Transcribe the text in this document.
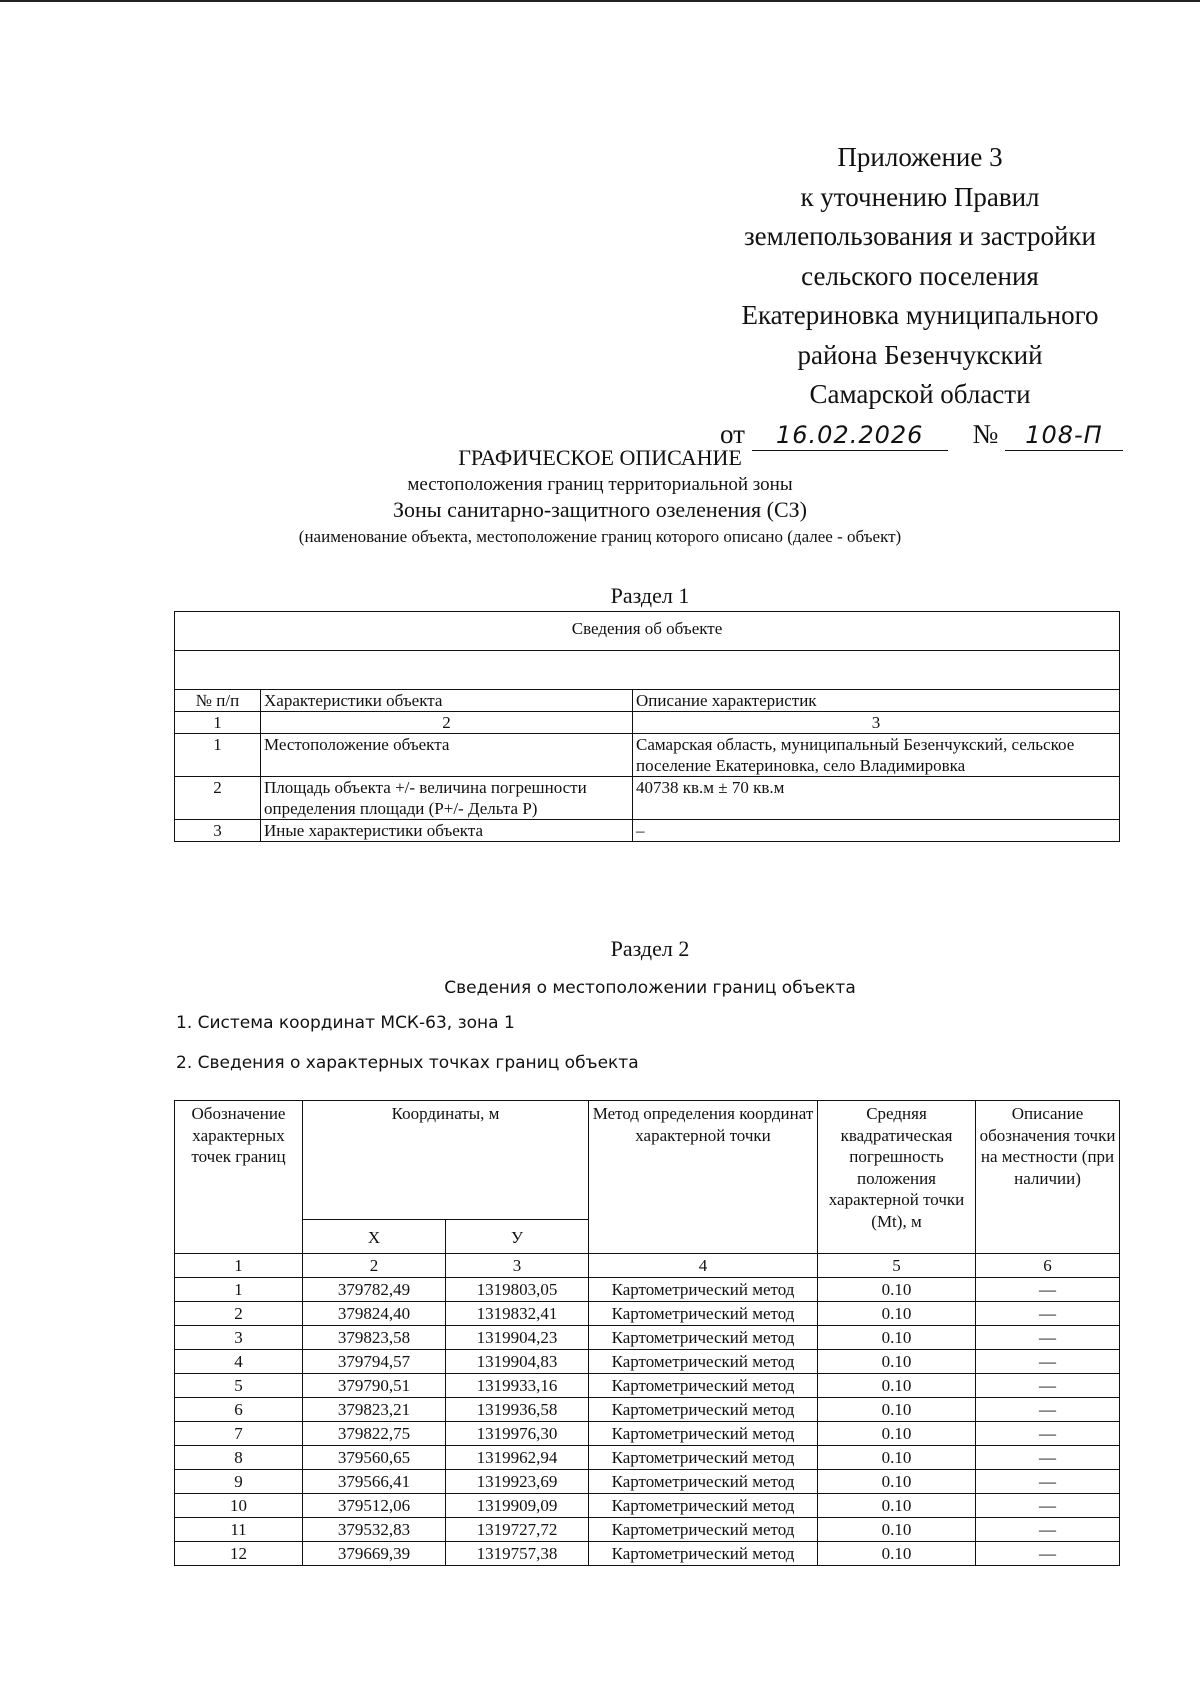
Приложение 3
к уточнению Правил
землепользования и застройки
сельского поселения
Екатериновка муниципального
района Безенчукский
Самарской области
от 16.02.2026 № 108-П
ГРАФИЧЕСКОЕ ОПИСАНИЕ
местоположения границ территориальной зоны
Зоны санитарно-защитного озеленения (СЗ)
(наименование объекта, местоположение границ которого описано (далее - объект)
Раздел 1
Сведения об объекте		

№ п/п	Характеристики объекта	Описание характеристик
1	2	3
1	Местоположение объекта	Самарская область, муниципальный Безенчукский, сельское поселение Екатериновка, село Владимировка
2	Площадь объекта +/- величина погрешности определения площади (P+/- Дельта P)	40738 кв.м ± 70 кв.м
3	Иные характеристики объекта	–
Раздел 2
Сведения о местоположении границ объекта
1. Система координат МСК-63, зона 1
2. Сведения о характерных точках границ объекта
Обозначение характерных точек границ	Координаты, м		Метод определения координат характерной точки	Средняя квадратическая погрешность положения характерной точки (Mt), м	Описание обозначения точки на местности (при наличии)
	X	У			
1	2	3	4	5	6
1	379782,49	1319803,05	Картометрический метод	0.10	—
2	379824,40	1319832,41	Картометрический метод	0.10	—
3	379823,58	1319904,23	Картометрический метод	0.10	—
4	379794,57	1319904,83	Картометрический метод	0.10	—
5	379790,51	1319933,16	Картометрический метод	0.10	—
6	379823,21	1319936,58	Картометрический метод	0.10	—
7	379822,75	1319976,30	Картометрический метод	0.10	—
8	379560,65	1319962,94	Картометрический метод	0.10	—
9	379566,41	1319923,69	Картометрический метод	0.10	—
10	379512,06	1319909,09	Картометрический метод	0.10	—
11	379532,83	1319727,72	Картометрический метод	0.10	—
12	379669,39	1319757,38	Картометрический метод	0.10	—
